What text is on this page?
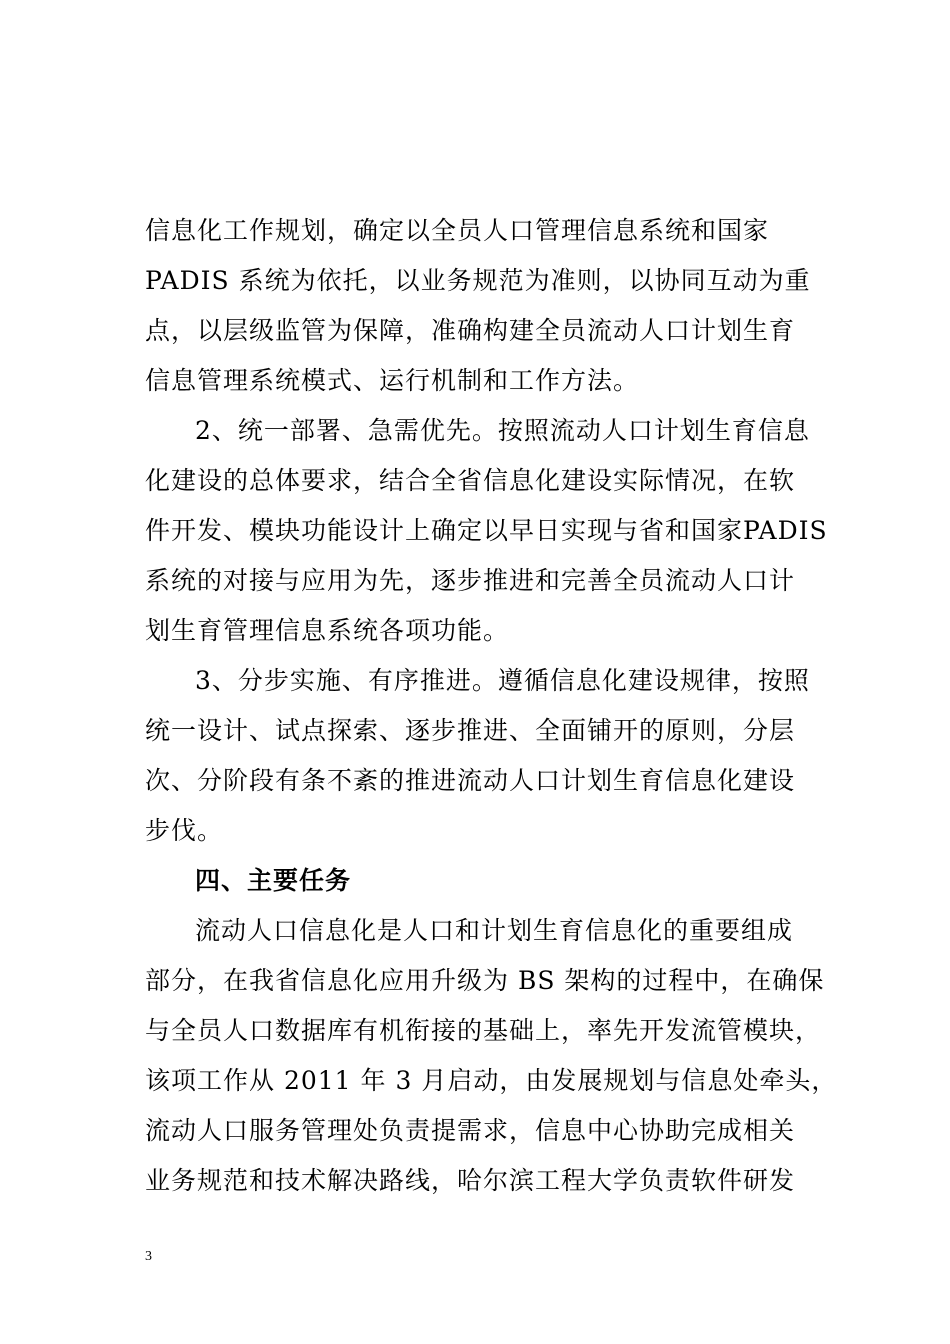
信息化工作规划，确定以全员人口管理信息系统和国家
PADIS 系统为依托，以业务规范为准则，以协同互动为重
点，以层级监管为保障，准确构建全员流动人口计划生育
信息管理系统模式、运行机制和工作方法。
2、统一部署、急需优先。按照流动人口计划生育信息
化建设的总体要求，结合全省信息化建设实际情况，在软
件开发、模块功能设计上确定以早日实现与省和国家PADIS
系统的对接与应用为先，逐步推进和完善全员流动人口计
划生育管理信息系统各项功能。
3、分步实施、有序推进。遵循信息化建设规律，按照
统一设计、试点探索、逐步推进、全面铺开的原则，分层
次、分阶段有条不紊的推进流动人口计划生育信息化建设
步伐。
四、主要任务
流动人口信息化是人口和计划生育信息化的重要组成
部分，在我省信息化应用升级为 BS 架构的过程中，在确保
与全员人口数据库有机衔接的基础上，率先开发流管模块，
该项工作从 2011 年 3 月启动，由发展规划与信息处牵头，
流动人口服务管理处负责提需求，信息中心协助完成相关
业务规范和技术解决路线，哈尔滨工程大学负责软件研发
3
